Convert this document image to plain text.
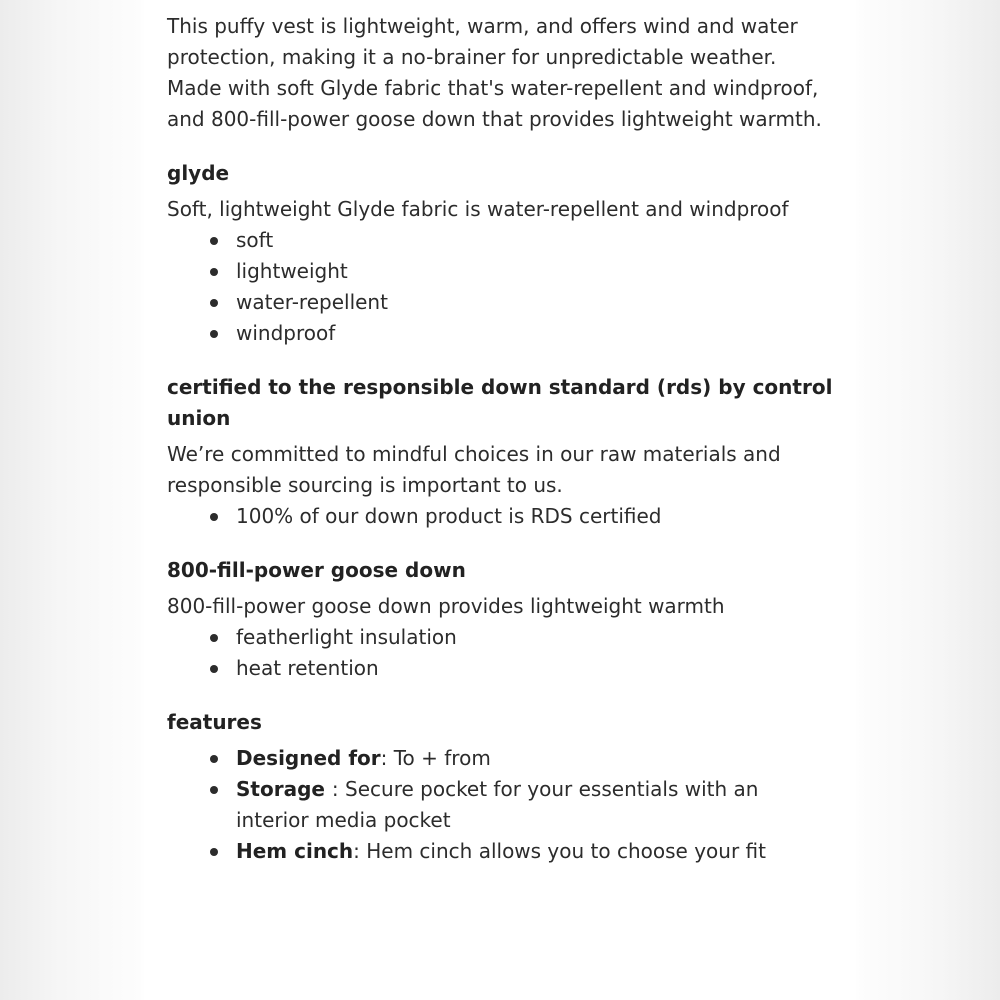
This puffy vest is lightweight, warm, and offers wind and water protection, making it a no-brainer for unpredictable weather. Made with soft Glyde fabric that's water-repellent and windproof, and 800-fill-power goose down that provides lightweight warmth.

glyde

Soft, lightweight Glyde fabric is water-repellent and windproof

soft
lightweight
water-repellent
windproof
certified to the responsible down standard (rds) by control union

We’re committed to mindful choices in our raw materials and responsible sourcing is important to us.

100% of our down product is RDS certified
800-fill-power goose down

800-fill-power goose down provides lightweight warmth

featherlight insulation
heat retention
features
Designed for: To + from
Storage : Secure pocket for your essentials with an interior media pocket
Hem cinch: Hem cinch allows you to choose your fit
